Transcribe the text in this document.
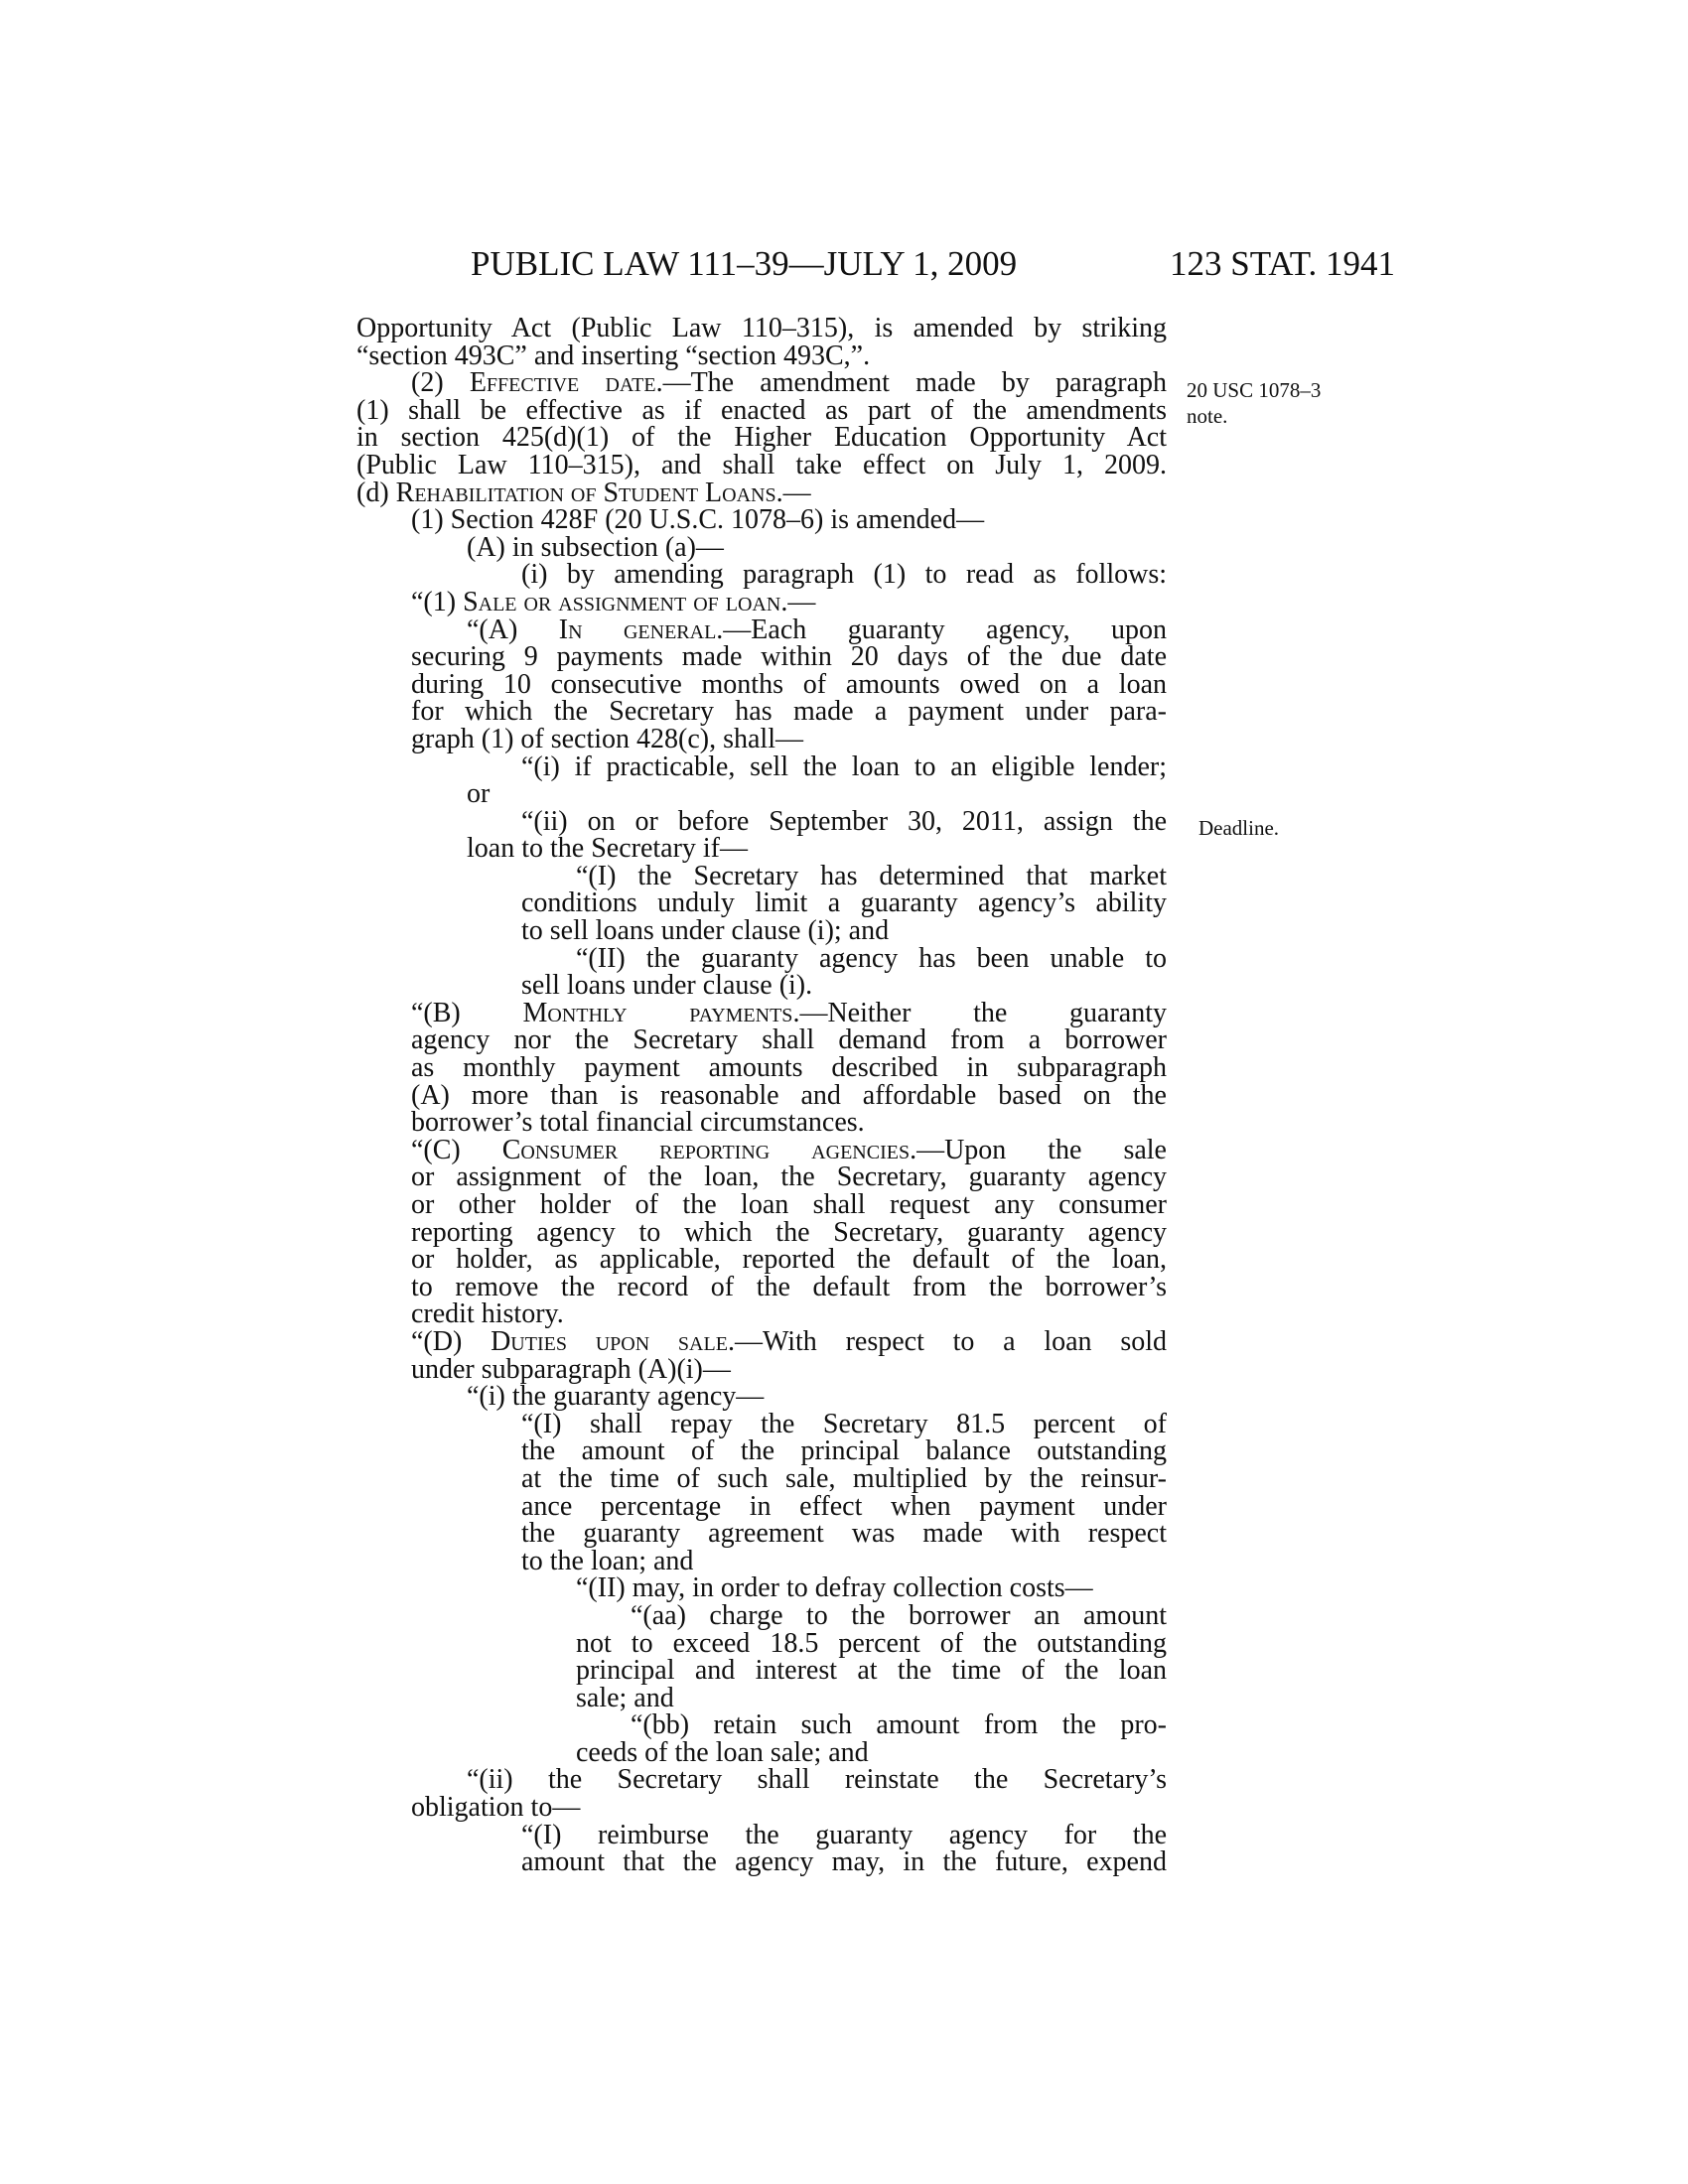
PUBLIC LAW 111–39—JULY 1, 2009	123 STAT. 1941
20 USC 1078–3
note.
Deadline.
Opportunity Act (Public Law 110–315), is amended by striking
“section 493C” and inserting “section 493C,”.
(2) Effective date.—The amendment made by paragraph
(1) shall be effective as if enacted as part of the amendments
in section 425(d)(1) of the Higher Education Opportunity Act
(Public Law 110–315), and shall take effect on July 1, 2009.
(d) Rehabilitation of Student Loans.—
(1) Section 428F (20 U.S.C. 1078–6) is amended—
(A) in subsection (a)—
(i) by amending paragraph (1) to read as follows:
“(1) Sale or assignment of loan.—
“(A) In general.—Each guaranty agency, upon
securing 9 payments made within 20 days of the due date
during 10 consecutive months of amounts owed on a loan
for which the Secretary has made a payment under para-
graph (1) of section 428(c), shall—
“(i) if practicable, sell the loan to an eligible lender;
or
“(ii) on or before September 30, 2011, assign the
loan to the Secretary if—
“(I) the Secretary has determined that market
conditions unduly limit a guaranty agency’s ability
to sell loans under clause (i); and
“(II) the guaranty agency has been unable to
sell loans under clause (i).
“(B) Monthly payments.—Neither the guaranty
agency nor the Secretary shall demand from a borrower
as monthly payment amounts described in subparagraph
(A) more than is reasonable and affordable based on the
borrower’s total financial circumstances.
“(C) Consumer reporting agencies.—Upon the sale
or assignment of the loan, the Secretary, guaranty agency
or other holder of the loan shall request any consumer
reporting agency to which the Secretary, guaranty agency
or holder, as applicable, reported the default of the loan,
to remove the record of the default from the borrower’s
credit history.
“(D) Duties upon sale.—With respect to a loan sold
under subparagraph (A)(i)—
“(i) the guaranty agency—
“(I) shall repay the Secretary 81.5 percent of
the amount of the principal balance outstanding
at the time of such sale, multiplied by the reinsur-
ance percentage in effect when payment under
the guaranty agreement was made with respect
to the loan; and
“(II) may, in order to defray collection costs—
“(aa) charge to the borrower an amount
not to exceed 18.5 percent of the outstanding
principal and interest at the time of the loan
sale; and
“(bb) retain such amount from the pro-
ceeds of the loan sale; and
“(ii) the Secretary shall reinstate the Secretary’s
obligation to—
“(I) reimburse the guaranty agency for the
amount that the agency may, in the future, expend
